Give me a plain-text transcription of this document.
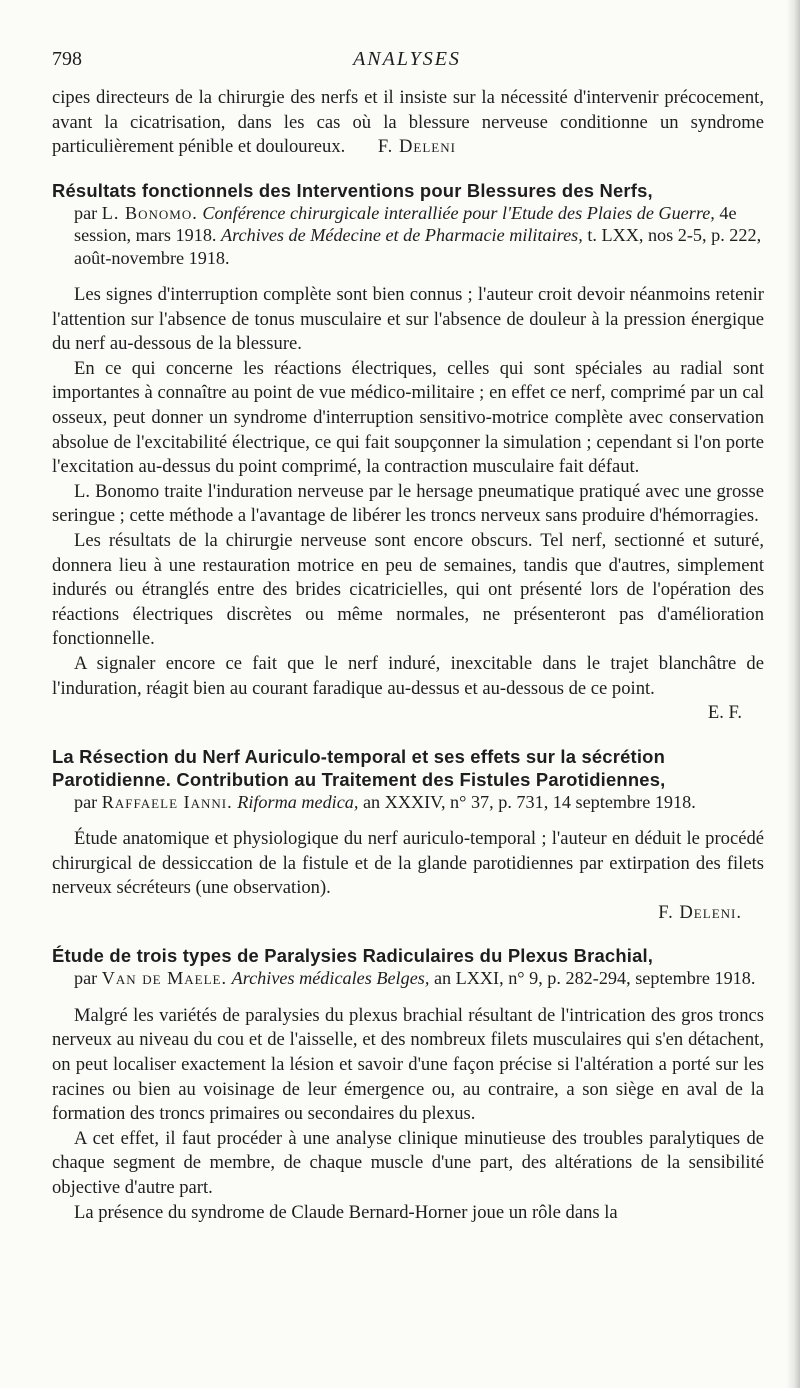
798	ANALYSES

cipes directeurs de la chirurgie des nerfs et il insiste sur la nécessité d'intervenir précocement, avant la cicatrisation, dans les cas où la blessure nerveuse conditionne un syndrome particulièrement pénible et douloureux. F. Deleni

Résultats fonctionnels des Interventions pour Blessures des Nerfs,
par L. Bonomo. Conférence chirurgicale interalliée pour l'Etude des Plaies de Guerre, 4e session, mars 1918. Archives de Médecine et de Pharmacie militaires, t. LXX, nos 2-5, p. 222, août-novembre 1918.

Les signes d'interruption complète sont bien connus ; l'auteur croit devoir néanmoins retenir l'attention sur l'absence de tonus musculaire et sur l'absence de douleur à la pression énergique du nerf au-dessous de la blessure.

En ce qui concerne les réactions électriques, celles qui sont spéciales au radial sont importantes à connaître au point de vue médico-militaire ; en effet ce nerf, comprimé par un cal osseux, peut donner un syndrome d'interruption sensitivo-motrice complète avec conservation absolue de l'excitabilité électrique, ce qui fait soupçonner la simulation ; cependant si l'on porte l'excitation au-dessus du point comprimé, la contraction musculaire fait défaut.

L. Bonomo traite l'induration nerveuse par le hersage pneumatique pratiqué avec une grosse seringue ; cette méthode a l'avantage de libérer les troncs nerveux sans produire d'hémorragies.

Les résultats de la chirurgie nerveuse sont encore obscurs. Tel nerf, sectionné et suturé, donnera lieu à une restauration motrice en peu de semaines, tandis que d'autres, simplement indurés ou étranglés entre des brides cicatricielles, qui ont présenté lors de l'opération des réactions électriques discrètes ou même normales, ne présenteront pas d'amélioration fonctionnelle.

A signaler encore ce fait que le nerf induré, inexcitable dans le trajet blanchâtre de l'induration, réagit bien au courant faradique au-dessus et au-dessous de ce point.

E. F.

La Résection du Nerf Auriculo-temporal et ses effets sur la sécrétion Parotidienne. Contribution au Traitement des Fistules Parotidiennes,
par Raffaele Ianni. Riforma medica, an XXXIV, n° 37, p. 731, 14 septembre 1918.

Étude anatomique et physiologique du nerf auriculo-temporal ; l'auteur en déduit le procédé chirurgical de dessiccation de la fistule et de la glande parotidiennes par extirpation des filets nerveux sécréteurs (une observation).

F. Deleni.

Étude de trois types de Paralysies Radiculaires du Plexus Brachial,
par Van de Maele. Archives médicales Belges, an LXXI, n° 9, p. 282-294, septembre 1918.

Malgré les variétés de paralysies du plexus brachial résultant de l'intrication des gros troncs nerveux au niveau du cou et de l'aisselle, et des nombreux filets musculaires qui s'en détachent, on peut localiser exactement la lésion et savoir d'une façon précise si l'altération a porté sur les racines ou bien au voisinage de leur émergence ou, au contraire, a son siège en aval de la formation des troncs primaires ou secondaires du plexus.

A cet effet, il faut procéder à une analyse clinique minutieuse des troubles paralytiques de chaque segment de membre, de chaque muscle d'une part, des altérations de la sensibilité objective d'autre part.

La présence du syndrome de Claude Bernard-Horner joue un rôle dans la
